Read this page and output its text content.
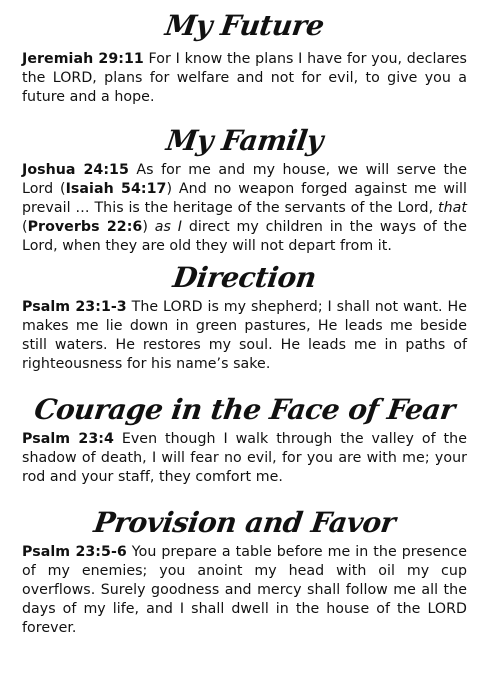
My Future

Jeremiah 29:11 For I know the plans I have for you, declares the LORD, plans for welfare and not for evil, to give you a future and a hope.

My Family

Joshua 24:15 As for me and my house, we will serve the Lord (Isaiah 54:17) And no weapon forged against me will prevail … This is the heritage of the servants of the Lord, that (Proverbs 22:6) as I direct my children in the ways of the Lord, when they are old they will not depart from it.

Direction

Psalm 23:1-3 The LORD is my shepherd; I shall not want. He makes me lie down in green pastures, He leads me beside still waters. He restores my soul. He leads me in paths of righteousness for his name’s sake.

Courage in the Face of Fear

Psalm 23:4 Even though I walk through the valley of the shadow of death, I will fear no evil, for you are with me; your rod and your staff, they comfort me.

Provision and Favor

Psalm 23:5-6 You prepare a table before me in the presence of my enemies; you anoint my head with oil my cup overflows. Surely goodness and mercy shall follow me all the days of my life, and I shall dwell in the house of the LORD forever.
